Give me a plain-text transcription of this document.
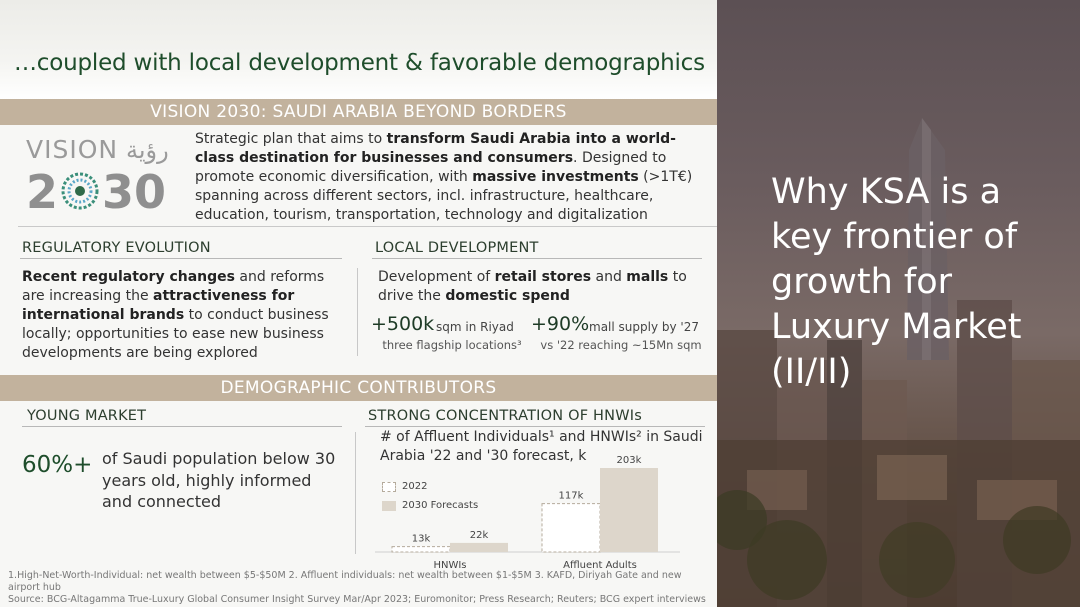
…coupled with local development & favorable demographics
VISION 2030: SAUDI ARABIA BEYOND BORDERS
VISION رؤية
2 30
Strategic plan that aims to transform Saudi Arabia into a world-class destination for businesses and consumers. Designed to promote economic diversification, with massive investments (>1T€) spanning across different sectors, incl. infrastructure, healthcare, education, tourism, transportation, technology and digitalization
REGULATORY EVOLUTION
Recent regulatory changes and reforms are increasing the attractiveness for international brands to conduct business locally; opportunities to ease new business developments are being explored
LOCAL DEVELOPMENT
Development of retail stores and malls to drive the domestic spend
+500k sqm in Riyad
three flagship locations³
+90% mall supply by '27
vs '22 reaching ~15Mn sqm
DEMOGRAPHIC CONTRIBUTORS
YOUNG MARKET
60%+ of Saudi population below 30 years old, highly informed and connected
STRONG CONCENTRATION OF HNWIs
# of Affluent Individuals¹ and HNWIs² in Saudi Arabia '22 and '30 forecast, k
2022
2030 Forecasts
13k	22k
HNWIs
117k
203k
Affluent Adults
1.High-Net-Worth-Individual: net wealth between $5-$50M 2. Affluent individuals: net wealth between $1-$5M 3. KAFD, Diriyah Gate and new airport hub
Source: BCG-Altagamma True-Luxury Global Consumer Insight Survey Mar/Apr 2023; Euromonitor; Press Research; Reuters; BCG expert interviews
Why KSA is a key frontier of growth for Luxury Market (II/II)
